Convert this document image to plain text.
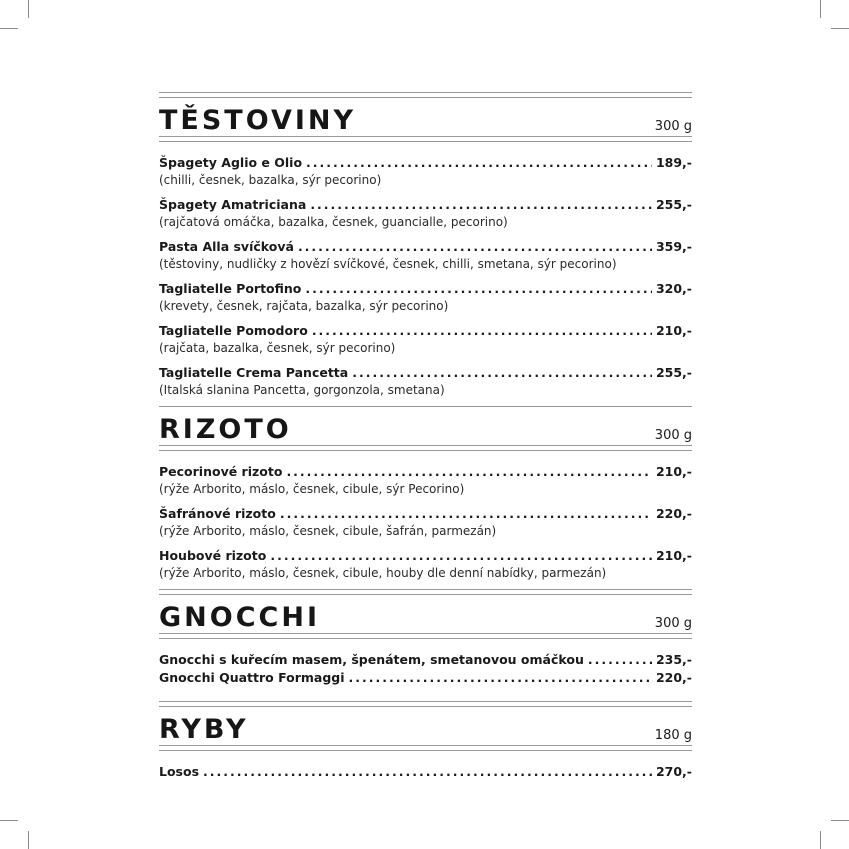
TĚSTOVINY	300 g
Špagety Aglio e Olio .....	189,-
(chilli, česnek, bazalka, sýr pecorino)
Špagety Amatriciana .....	255,-
(rajčatová omáčka, bazalka, česnek, guancialle, pecorino)
Pasta Alla svíčková .....	359,-
(těstoviny, nudličky z hovězí svíčkové, česnek, chilli, smetana, sýr pecorino)
Tagliatelle Portofino .....	320,-
(krevety, česnek, rajčata, bazalka, sýr pecorino)
Tagliatelle Pomodoro .....	210,-
(rajčata, bazalka, česnek, sýr pecorino)
Tagliatelle Crema Pancetta .....	255,-
(Italská slanina Pancetta, gorgonzola, smetana)
RIZOTO	300 g
Pecorinové rizoto .....	210,-
(rýže Arborito, máslo, česnek, cibule, sýr Pecorino)
Šafránové rizoto .....	220,-
(rýže Arborito, máslo, česnek, cibule, šafrán, parmezán)
Houbové rizoto .....	210,-
(rýže Arborito, máslo, česnek, cibule, houby dle denní nabídky, parmezán)
GNOCCHI	300 g
Gnocchi s kuřecím masem, špenátem, smetanovou omáčkou .....	235,-
Gnocchi Quattro Formaggi .....	220,-
RYBY	180 g
Losos .....	270,-
